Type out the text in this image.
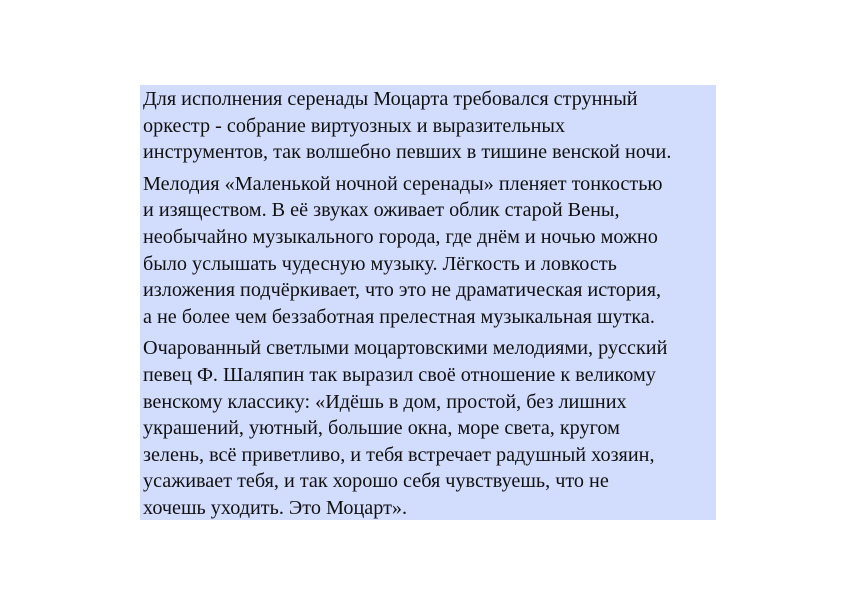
Для исполнения серенады Моцарта требовался струнный
оркестр - собрание виртуозных и выразительных
инструментов, так волшебно певших в тишине венской ночи.

Мелодия «Маленькой ночной серенады» пленяет тонкостью
и изяществом. В её звуках оживает облик старой Вены,
необычайно музыкального города, где днём и ночью можно
было услышать чудесную музыку. Лёгкость и ловкость
изложения подчёркивает, что это не драматическая история,
а не более чем беззаботная прелестная музыкальная шутка.

Очарованный светлыми моцартовскими мелодиями, русский
певец Ф. Шаляпин так выразил своё отношение к великому
венскому классику: «Идёшь в дом, простой, без лишних
украшений, уютный, большие окна, море света, кругом
зелень, всё приветливо, и тебя встречает радушный хозяин,
усаживает тебя, и так хорошо себя чувствуешь, что не
хочешь уходить. Это Моцарт».
